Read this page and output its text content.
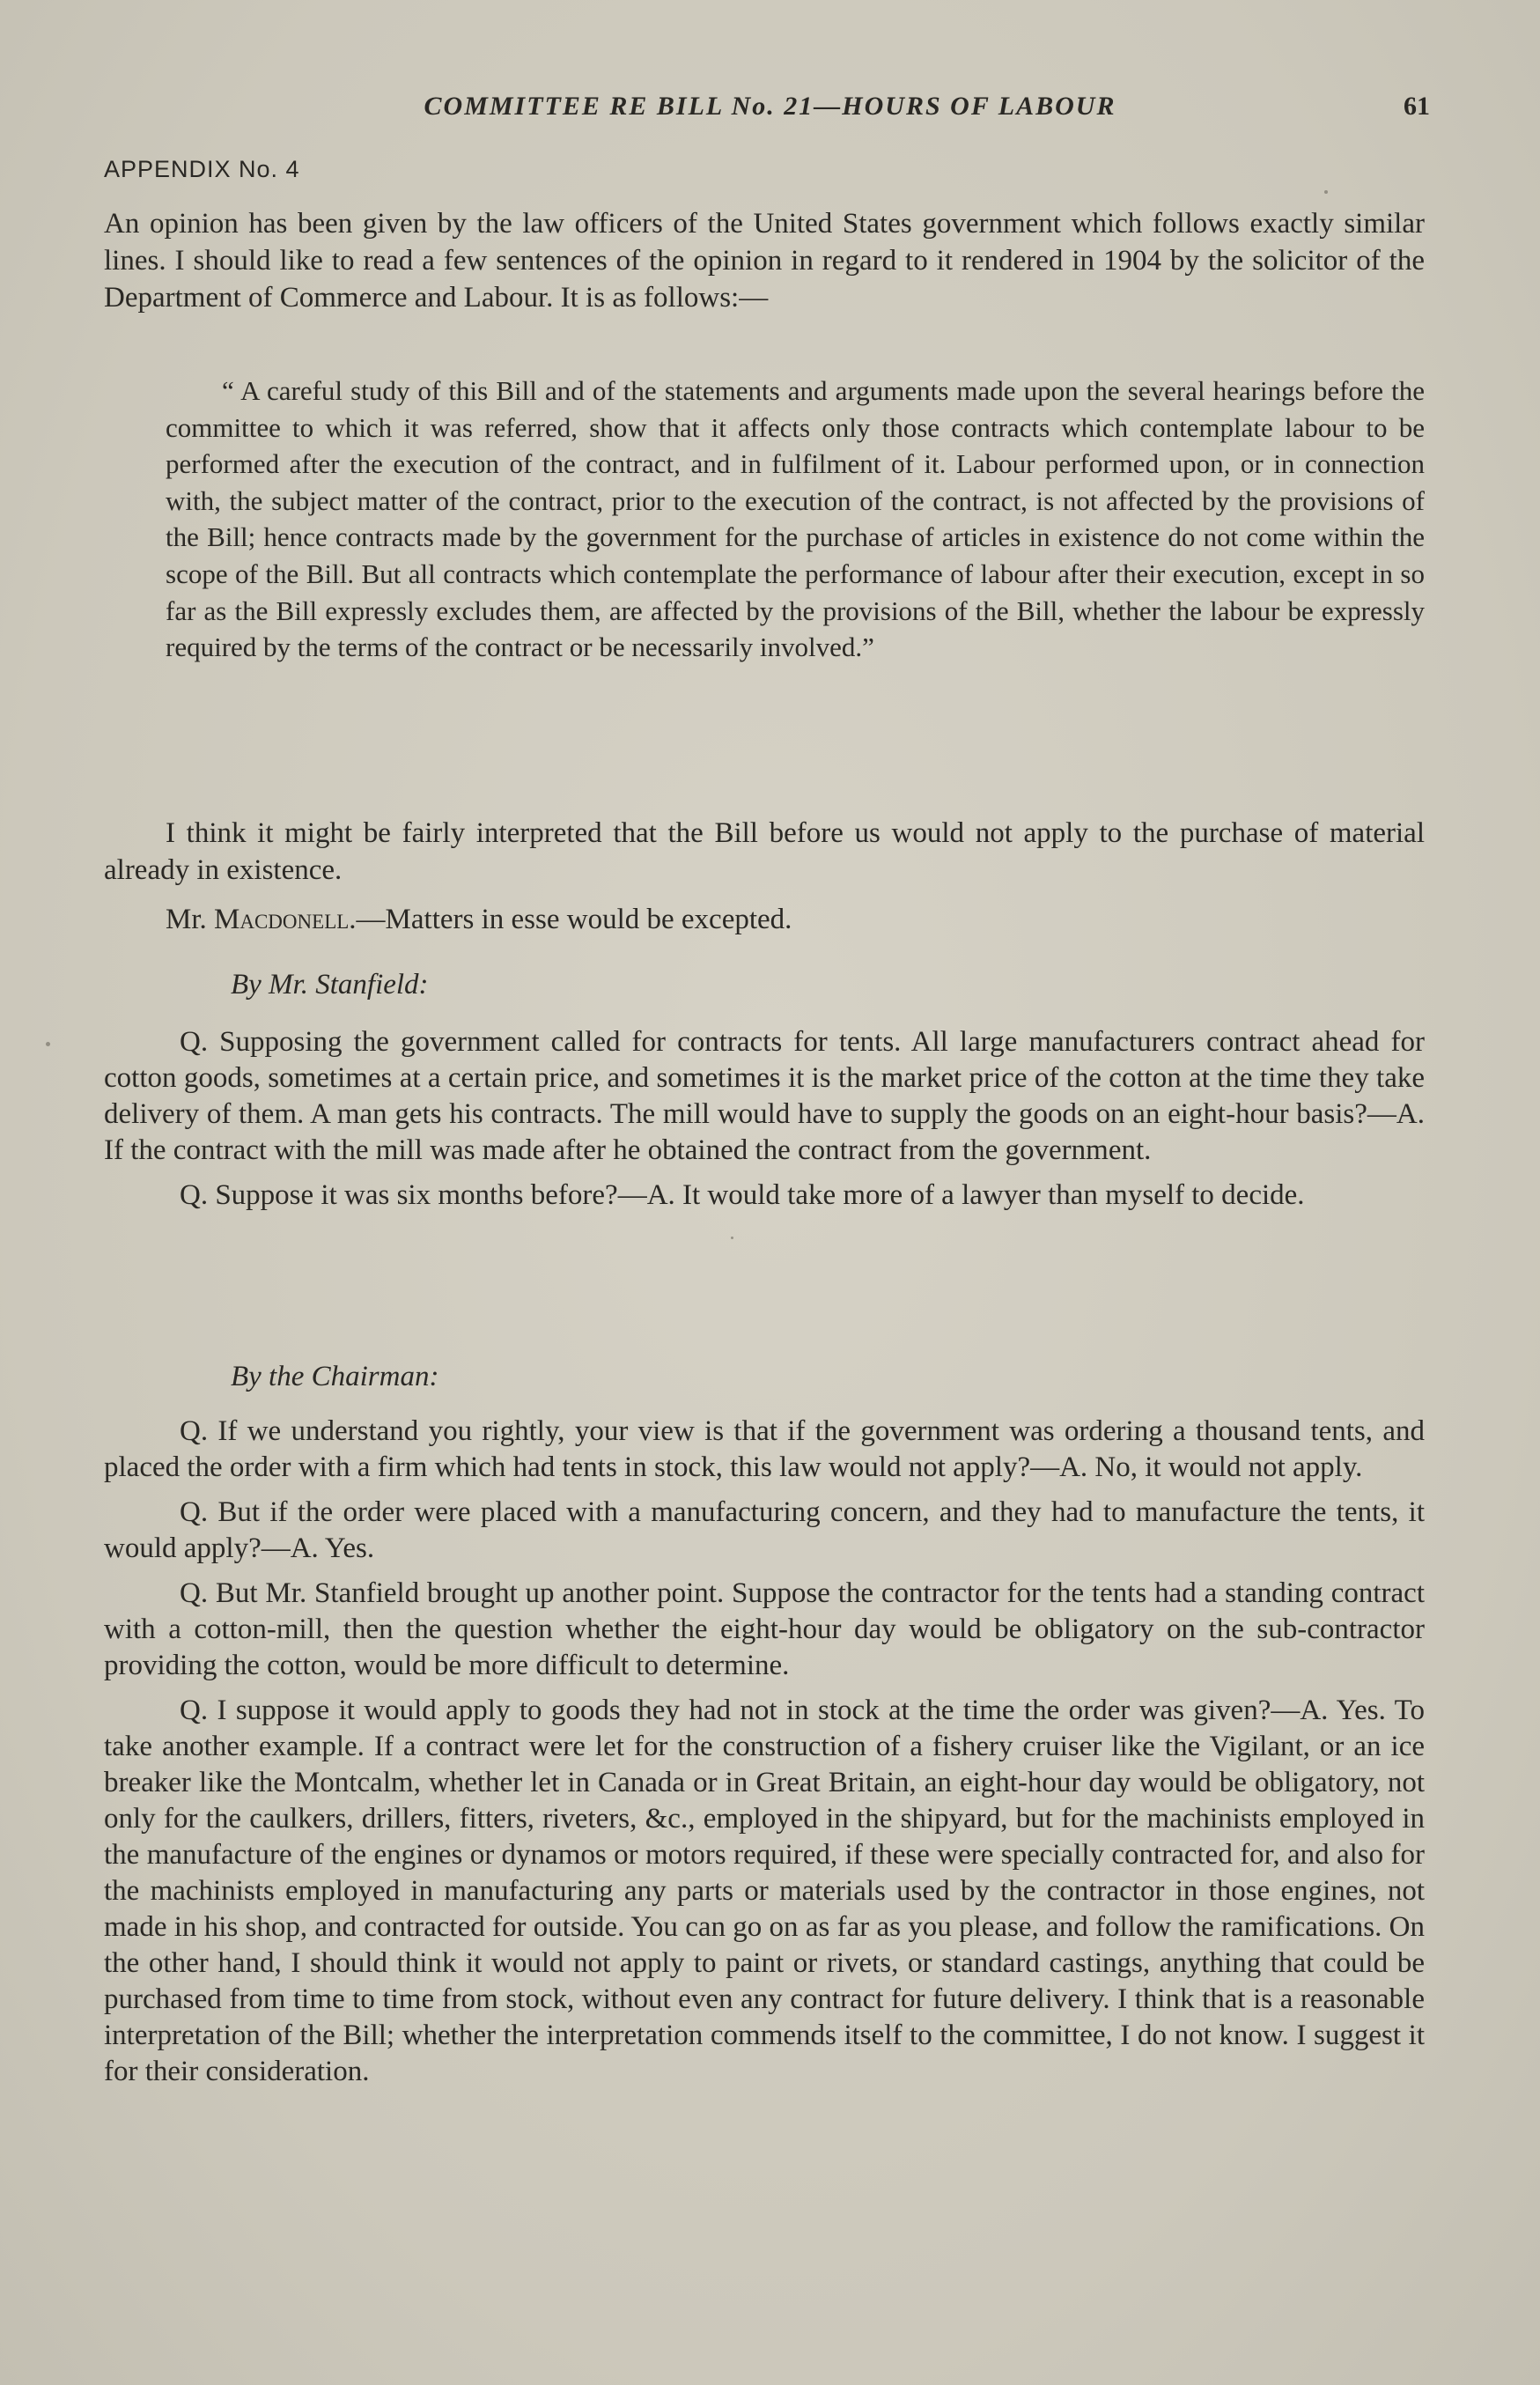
COMMITTEE RE BILL No. 21—HOURS OF LABOUR	61
APPENDIX No. 4

An opinion has been given by the law officers of the United States government which follows exactly similar lines. I should like to read a few sentences of the opinion in regard to it rendered in 1904 by the solicitor of the Department of Commerce and Labour. It is as follows:—

“ A careful study of this Bill and of the statements and arguments made upon the several hearings before the committee to which it was referred, show that it affects only those contracts which contemplate labour to be performed after the execution of the contract, and in fulfilment of it. Labour performed upon, or in connection with, the subject matter of the contract, prior to the execution of the contract, is not affected by the provisions of the Bill; hence contracts made by the government for the purchase of articles in existence do not come within the scope of the Bill. But all contracts which contemplate the performance of labour after their execution, except in so far as the Bill expressly excludes them, are affected by the provisions of the Bill, whether the labour be expressly required by the terms of the contract or be necessarily involved.”

I think it might be fairly interpreted that the Bill before us would not apply to the purchase of material already in existence.

Mr. Macdonell.—Matters in esse would be excepted.

By Mr. Stanfield:

Q. Supposing the government called for contracts for tents. All large manufacturers contract ahead for cotton goods, sometimes at a certain price, and sometimes it is the market price of the cotton at the time they take delivery of them. A man gets his contracts. The mill would have to supply the goods on an eight-hour basis?—A. If the contract with the mill was made after he obtained the contract from the government.

Q. Suppose it was six months before?—A. It would take more of a lawyer than myself to decide.

By the Chairman:

Q. If we understand you rightly, your view is that if the government was ordering a thousand tents, and placed the order with a firm which had tents in stock, this law would not apply?—A. No, it would not apply.

Q. But if the order were placed with a manufacturing concern, and they had to manufacture the tents, it would apply?—A. Yes.

Q. But Mr. Stanfield brought up another point. Suppose the contractor for the tents had a standing contract with a cotton-mill, then the question whether the eight-hour day would be obligatory on the sub-contractor providing the cotton, would be more difficult to determine.

Q. I suppose it would apply to goods they had not in stock at the time the order was given?—A. Yes. To take another example. If a contract were let for the construction of a fishery cruiser like the Vigilant, or an ice breaker like the Montcalm, whether let in Canada or in Great Britain, an eight-hour day would be obligatory, not only for the caulkers, drillers, fitters, riveters, &c., employed in the shipyard, but for the machinists employed in the manufacture of the engines or dynamos or motors required, if these were specially contracted for, and also for the machinists employed in manufacturing any parts or materials used by the contractor in those engines, not made in his shop, and contracted for outside. You can go on as far as you please, and follow the ramifications. On the other hand, I should think it would not apply to paint or rivets, or standard castings, anything that could be purchased from time to time from stock, without even any contract for future delivery. I think that is a reasonable interpretation of the Bill; whether the interpretation commends itself to the committee, I do not know. I suggest it for their consideration.
